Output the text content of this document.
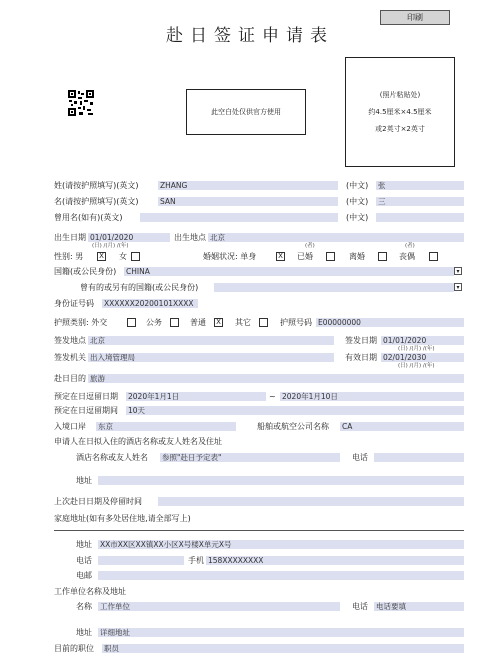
印刷
赴日签证申请表
此空白处仅供官方使用
(照片粘贴处)
约4.5厘米×4.5厘米
或2英寸×2英寸
姓(请按护照填写)(英文)	ZHANG	(中文) 张
名(请按护照填写)(英文)	SAN	(中文) 三
曾用名(如有)(英文)	(中文)
出生日期 01/01/2020
(日) /(月) /(年)
出生地点 北京
性别: 男 X 女	婚姻状况: 单身	X 已婚
(者)
离婚	丧偶
(者)
国籍(或公民身份) CHINA	▾
曾有的或另有的国籍(或公民身份)	▾
身份证号码 XXXXXX20200101XXXX
护照类别: 外交	公务	普通 X 其它	护照号码 E00000000
签发地点 北京	签发日期 01/01/2020
(日) /(月) /(年)
签发机关 出入境管理局	有效日期 02/01/2030
(日) /(月) /(年)
赴日目的 旅游
预定在日逗留日期 2020年1月1日	~ 2020年1月10日
预定在日逗留期间 10天
入境口岸 东京	船舶或航空公司名称 CA
申请人在日拟入住的酒店名称或友人姓名及住址
酒店名称或友人姓名 参照"赴日予定表"	电话
地址
上次赴日日期及停留时间
家庭地址(如有多处居住地,请全部写上)
地址 XX市XX区XX镇XX小区X号楼X单元X号
电话	手机 158XXXXXXXX
电邮
工作单位名称及地址
名称 工作单位	电话 电话要填
地址 详细地址
目前的职位 职员
